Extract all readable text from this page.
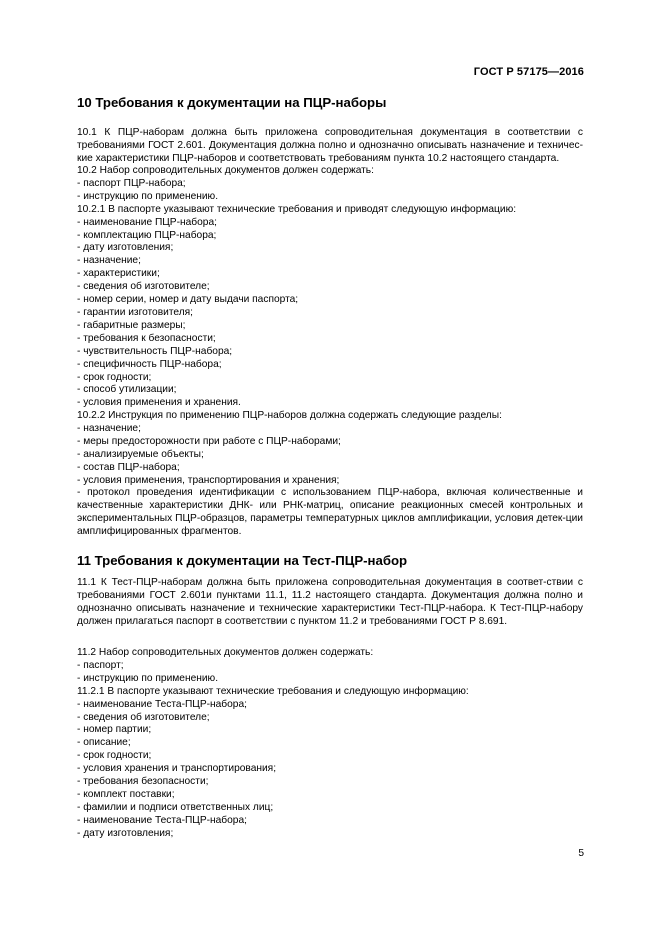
ГОСТ Р 57175—2016
10 Требования к документации на ПЦР-наборы
10.1 К ПЦР-наборам должна быть приложена сопроводительная документация в соответствии с требованиями ГОСТ 2.601. Документация должна полно и однозначно описывать назначение и техничес-кие характеристики ПЦР-наборов и соответствовать требованиям пункта 10.2 настоящего стандарта.
10.2 Набор сопроводительных документов должен содержать:
- паспорт ПЦР-набора;
- инструкцию по применению.
10.2.1 В паспорте указывают технические требования и приводят следующую информацию:
- наименование ПЦР-набора;
- комплектацию ПЦР-набора;
- дату изготовления;
- назначение;
- характеристики;
- сведения об изготовителе;
- номер серии, номер и дату выдачи паспорта;
- гарантии изготовителя;
- габаритные размеры;
- требования к безопасности;
- чувствительность ПЦР-набора;
- специфичность ПЦР-набора;
- срок годности;
- способ утилизации;
- условия применения и хранения.
10.2.2 Инструкция по применению ПЦР-наборов должна содержать следующие разделы:
- назначение;
- меры предосторожности при работе с ПЦР-наборами;
- анализируемые объекты;
- состав ПЦР-набора;
- условия применения, транспортирования и хранения;
- протокол проведения идентификации с использованием ПЦР-набора, включая количественные и качественные характеристики ДНК- или РНК-матриц, описание реакционных смесей контрольных и экспериментальных ПЦР-образцов, параметры температурных циклов амплификации, условия детек-ции амплифицированных фрагментов.
11 Требования к документации на Тест-ПЦР-набор
11.1 К Тест-ПЦР-наборам должна быть приложена сопроводительная документация в соответ-ствии с требованиями ГОСТ 2.601и пунктами 11.1, 11.2 настоящего стандарта. Документация должна полно и однозначно описывать назначение и технические характеристики Тест-ПЦР-набора. К Тест-ПЦР-набору должен прилагаться паспорт в соответствии с пунктом 11.2 и требованиями ГОСТ Р 8.691.
11.2 Набор сопроводительных документов должен содержать:
- паспорт;
- инструкцию по применению.
11.2.1 В паспорте указывают технические требования и следующую информацию:
- наименование Теста-ПЦР-набора;
- сведения об изготовителе;
- номер партии;
- описание;
- срок годности;
- условия хранения и транспортирования;
- требования безопасности;
- комплект поставки;
- фамилии и подписи ответственных лиц;
- наименование Теста-ПЦР-набора;
- дату изготовления;
5
